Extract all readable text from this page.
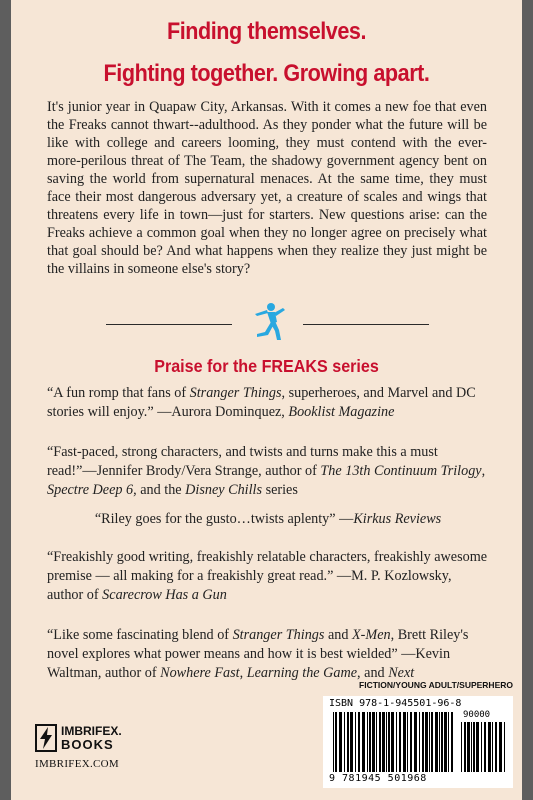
Finding themselves.
Fighting together. Growing apart.

It's junior year in Quapaw City, Arkansas. With it comes a new foe that even the Freaks cannot thwart--adulthood. As they ponder what the future will be like with college and careers looming, they must contend with the ever-more-perilous threat of The Team, the shadowy government agency bent on saving the world from supernatural menaces. At the same time, they must face their most dangerous adversary yet, a creature of scales and wings that threatens every life in town—just for starters. New questions arise: can the Freaks achieve a common goal when they no longer agree on precisely what that goal should be? And what happens when they realize they just might be the villains in someone else's story?

Praise for the FREAKS series

“A fun romp that fans of Stranger Things, superheroes, and Marvel and DC stories will enjoy.” —Aurora Dominquez, Booklist Magazine

“Fast-paced, strong characters, and twists and turns make this a must read!”—Jennifer Brody/Vera Strange, author of The 13th Continuum Trilogy, Spectre Deep 6, and the Disney Chills series

“Riley goes for the gusto…twists aplenty” —Kirkus Reviews

“Freakishly good writing, freakishly relatable characters, freakishly awesome premise — all making for a freakishly great read.” —M. P. Kozlowsky, author of Scarecrow Has a Gun

“Like some fascinating blend of Stranger Things and X-Men, Brett Riley's novel explores what power means and how it is best wielded” —Kevin Waltman, author of Nowhere Fast, Learning the Game, and Next

IMBRIFEX.
BOOKS
IMBRIFEX.COM
FICTION/YOUNG ADULT/SUPERHERO
ISBN 978-1-945501-96-8
90000
9 781945 501968
